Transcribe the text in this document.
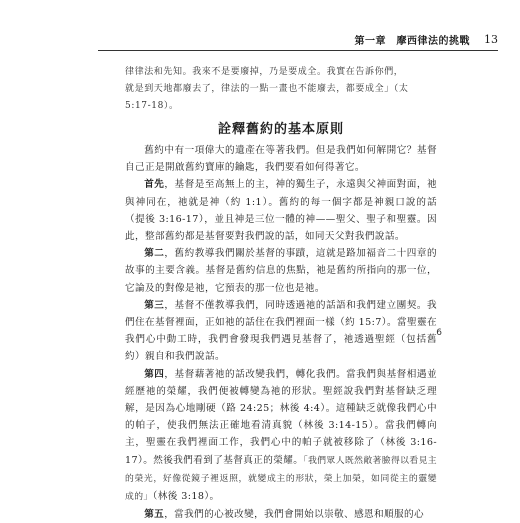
第一章　摩西律法的挑戰 13

律律法和先知。我來不是要廢掉，乃是要成全。我實在告訴你們，

就是到天地都廢去了，律法的一點一畫也不能廢去，都要成全」（太

5:17-18）。

詮釋舊約的基本原則

舊約中有一項偉大的遺產在等著我們。但是我們如何解開它？基督自己正是開啟舊約寶庫的鑰匙，我們要看如何得著它。

首先，基督是至高無上的主，神的獨生子，永遠與父神面對面，祂與神同在，祂就是神（約 1:1）。舊約的每一個字都是神親口說的話（提後 3:16-17），並且神是三位一體的神——聖父、聖子和聖靈。因此，整部舊約都是基督要對我們說的話，如同天父對我們說話。

第二，舊約教導我們關於基督的事蹟，這就是路加福音二十四章的故事的主要含義。基督是舊約信息的焦點，祂是舊約所指向的那一位，它論及的對像是祂，它預表的那一位也是祂。

第三，基督不僅教導我們，同時透過祂的話語和我們建立團契。我們住在基督裡面，正如祂的話住在我們裡面一樣（約 15:7）。當聖靈在我們心中動工時，我們會發現我們遇見基督了，祂透過聖經（包括舊約）親自和我們說話。

第四，基督藉著祂的話改變我們，轉化我們。當我們與基督相遇並經歷祂的榮耀，我們便被轉變為祂的形狀。聖經說我們對基督缺乏理解，是因為心地剛硬（路 24:25；林後 4:4）。這種缺乏就像我們心中的帕子，使我們無法正確地看清真貌（林後 3:14-15）。當我們轉向主，聖靈在我們裡面工作，我們心中的帕子就被移除了（林後 3:16-17）。然後我們看到了基督真正的榮耀。「我們眾人既然敞著臉得以看見主的榮光，好像從鏡子裡返照，就變成主的形狀，榮上加榮，如同從主的靈變成的」（林後 3:18）。

第五，當我們的心被改變，我們會開始以崇敬、感恩和順服的心

6
